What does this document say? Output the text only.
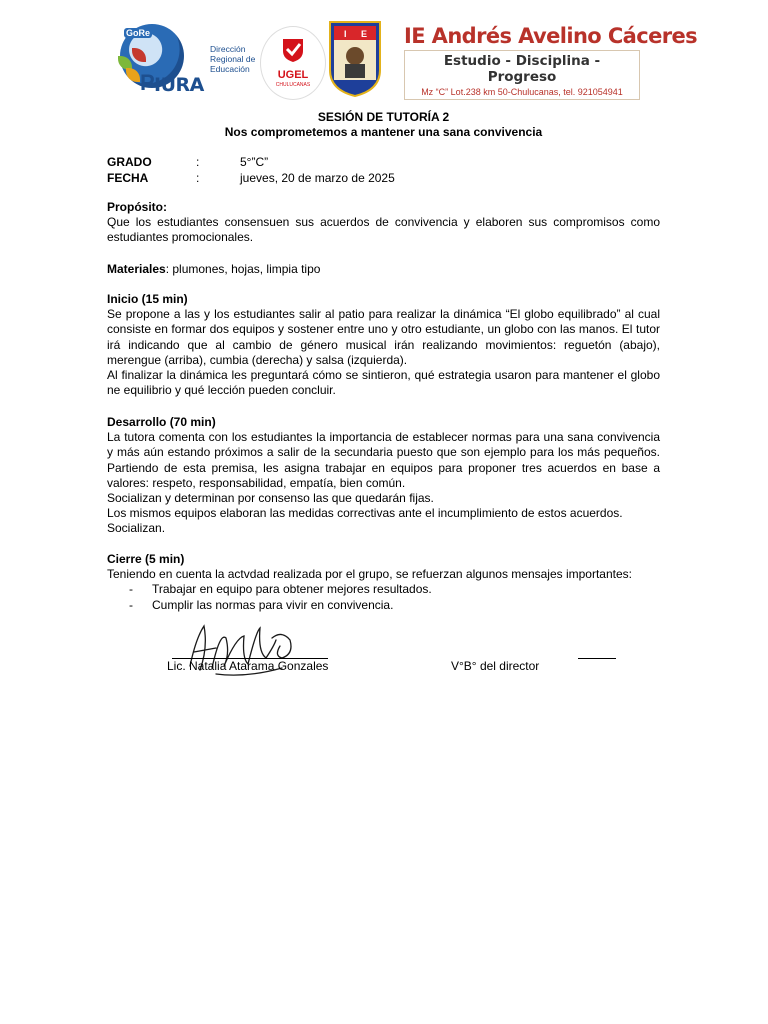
GoRe
P IURA
Dirección
Regional de
Educación	UGEL
CHULUCANAS
I E IE Andrés Avelino Cáceres
Estudio - Disciplina - Progreso
Mz “C” Lot.238 km 50-Chulucanas, tel. 921054941
SESIÓN DE TUTORÍA 2
Nos comprometemos a mantener una sana convivencia
GRADO	:	5°”C”
FECHA	:	jueves, 20 de marzo de 2025
Propósito:
Que los estudiantes consensuen sus acuerdos de convivencia y elaboren sus compromisos como estudiantes promocionales.
Materiales: plumones, hojas, limpia tipo
Inicio (15 min)
Se propone a las y los estudiantes salir al patio para realizar la dinámica “El globo equilibrado” al cual consiste en formar dos equipos y sostener entre uno y otro estudiante, un globo con las manos. El tutor irá indicando que al cambio de género musical irán realizando movimientos: reguetón (abajo), merengue (arriba), cumbia (derecha) y salsa (izquierda).
Al finalizar la dinámica les preguntará cómo se sintieron, qué estrategia usaron para mantener el globo ne equilibrio y qué lección pueden concluir.
Desarrollo (70 min)
La tutora comenta con los estudiantes la importancia de establecer normas para una sana convivencia y más aún estando próximos a salir de la secundaria puesto que son ejemplo para los más pequeños. Partiendo de esta premisa, les asigna trabajar en equipos para proponer tres acuerdos en base a valores: respeto, responsabilidad, empatía, bien común.
Socializan y determinan por consenso las que quedarán fijas.
Los mismos equipos elaboran las medidas correctivas ante el incumplimiento de estos acuerdos.
Socializan.
Cierre (5 min)
Teniendo en cuenta la actvdad realizada por el grupo, se refuerzan algunos mensajes importantes:
- Trabajar en equipo para obtener mejores resultados.
- Cumplir las normas para vivir en convivencia.
Lic. Natalia Atarama Gonzales	V°B° del director
